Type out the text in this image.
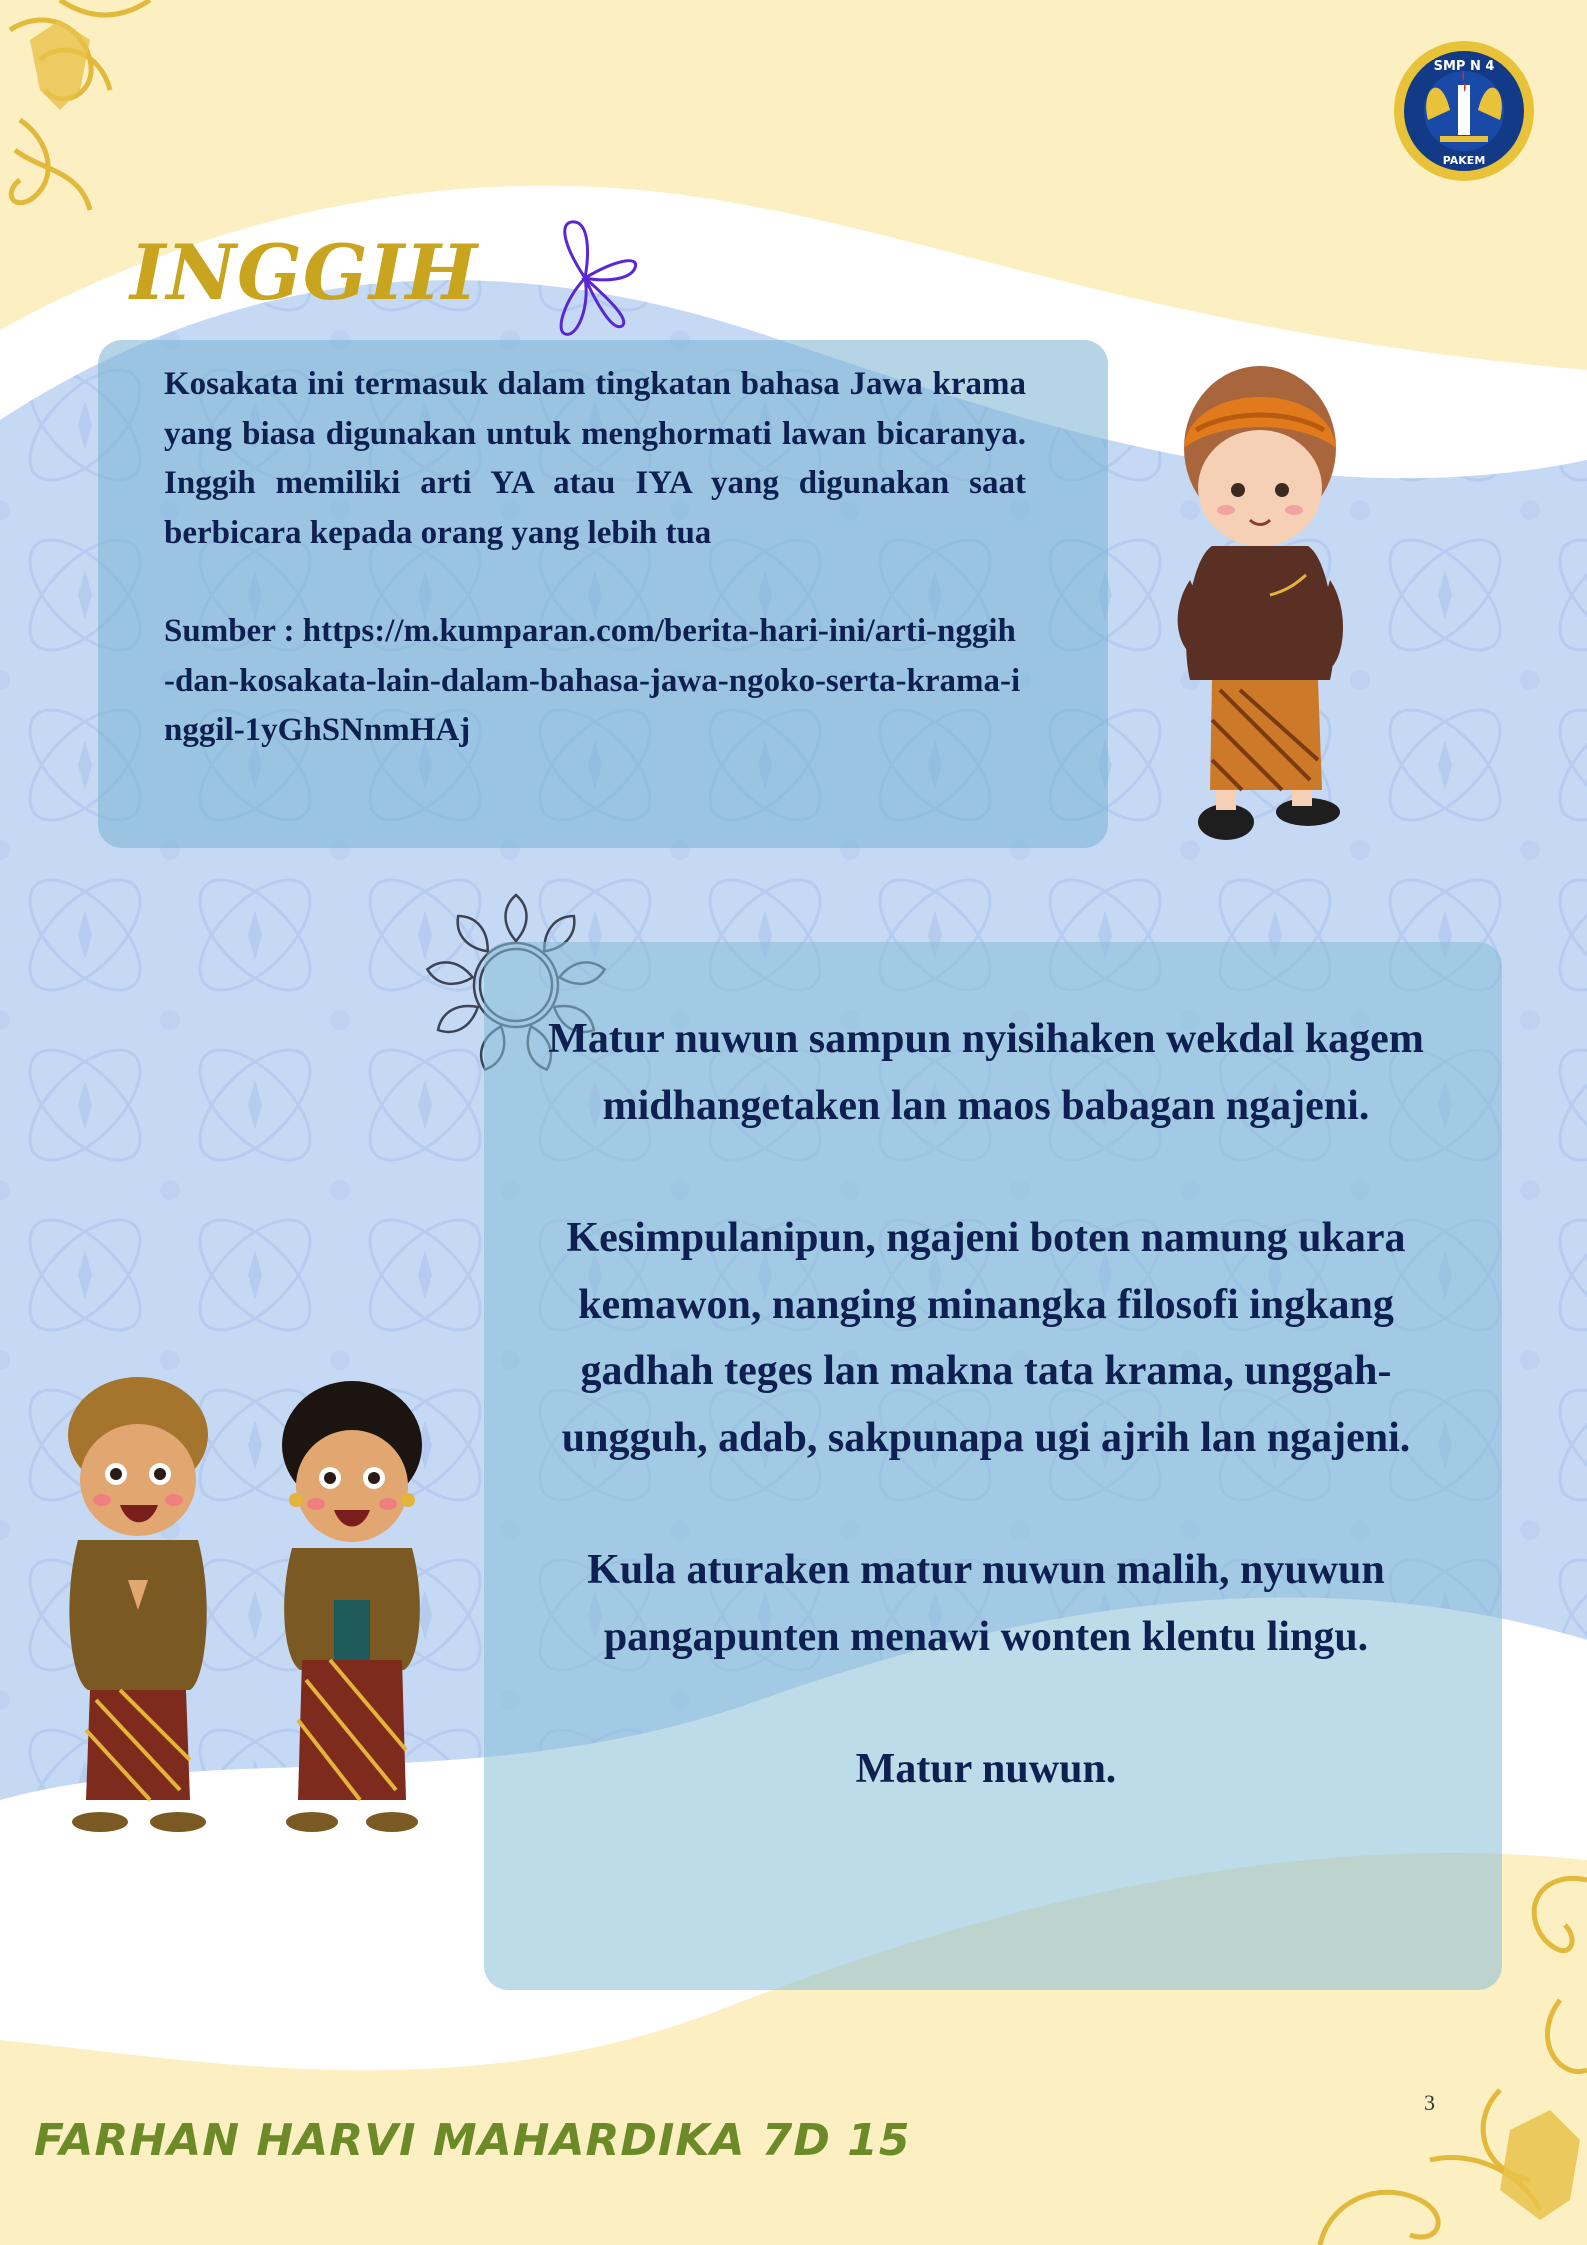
SMP N 4
PAKEM
INGGIH

Kosakata ini termasuk dalam tingkatan bahasa Jawa krama yang biasa digunakan untuk menghormati lawan bicaranya. Inggih memiliki arti YA atau IYA yang digunakan saat berbicara kepada orang yang lebih tua

Sumber : https://m.kumparan.com/berita-hari-ini/arti-nggih-dan-kosakata-lain-dalam-bahasa-jawa-ngoko-serta-krama-inggil-1yGhSNnmHAj

Matur nuwun sampun nyisihaken wekdal kagem midhangetaken lan maos babagan ngajeni.

Kesimpulanipun, ngajeni boten namung ukara kemawon, nanging minangka filosofi ingkang gadhah teges lan makna tata krama, unggah-ungguh, adab, sakpunapa ugi ajrih lan ngajeni.

Kula aturaken matur nuwun malih, nyuwun pangapunten menawi wonten klentu lingu.

Matur nuwun.

3
FARHAN HARVI MAHARDIKA 7D 15
